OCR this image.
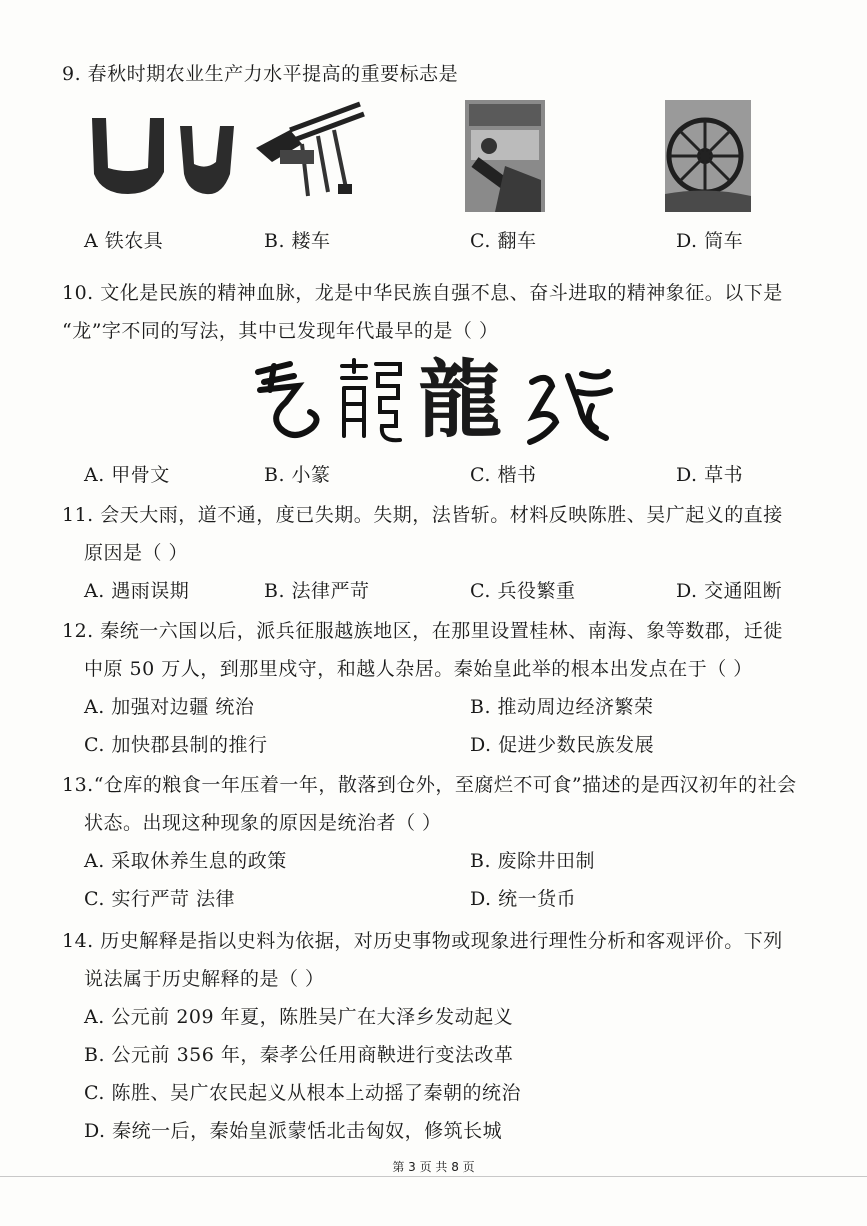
9. 春秋时期农业生产力水平提高的重要标志是
A 铁农具	B. 耧车	C. 翻车	D. 筒车
10. 文化是民族的精神血脉，龙是中华民族自强不息、奋斗进取的精神象征。以下是
“龙”字不同的写法，其中已发现年代最早的是（ ）
龍
A. 甲骨文	B. 小篆	C. 楷书	D. 草书
11. 会天大雨，道不通，度已失期。失期，法皆斩。材料反映陈胜、吴广起义的直接
原因是（ ）
A. 遇雨误期	B. 法律严苛	C. 兵役繁重	D. 交通阻断
12. 秦统一六国以后，派兵征服越族地区，在那里设置桂林、南海、象等数郡，迁徙
中原 50 万人，到那里戍守，和越人杂居。秦始皇此举的根本出发点在于（ ）
A. 加强对边疆 统治	B. 推动周边经济繁荣
C. 加快郡县制的推行	D. 促进少数民族发展
13.“仓库的粮食一年压着一年，散落到仓外，至腐烂不可食”描述的是西汉初年的社会
状态。出现这种现象的原因是统治者（ ）
A. 采取休养生息的政策	B. 废除井田制
C. 实行严苛 法律	D. 统一货币
14. 历史解释是指以史料为依据，对历史事物或现象进行理性分析和客观评价。下列
说法属于历史解释的是（ ）
A. 公元前 209 年夏，陈胜吴广在大泽乡发动起义
B. 公元前 356 年，秦孝公任用商鞅进行变法改革
C. 陈胜、吴广农民起义从根本上动摇了秦朝的统治
D. 秦统一后，秦始皇派蒙恬北击匈奴，修筑长城
第 3 页 共 8 页
